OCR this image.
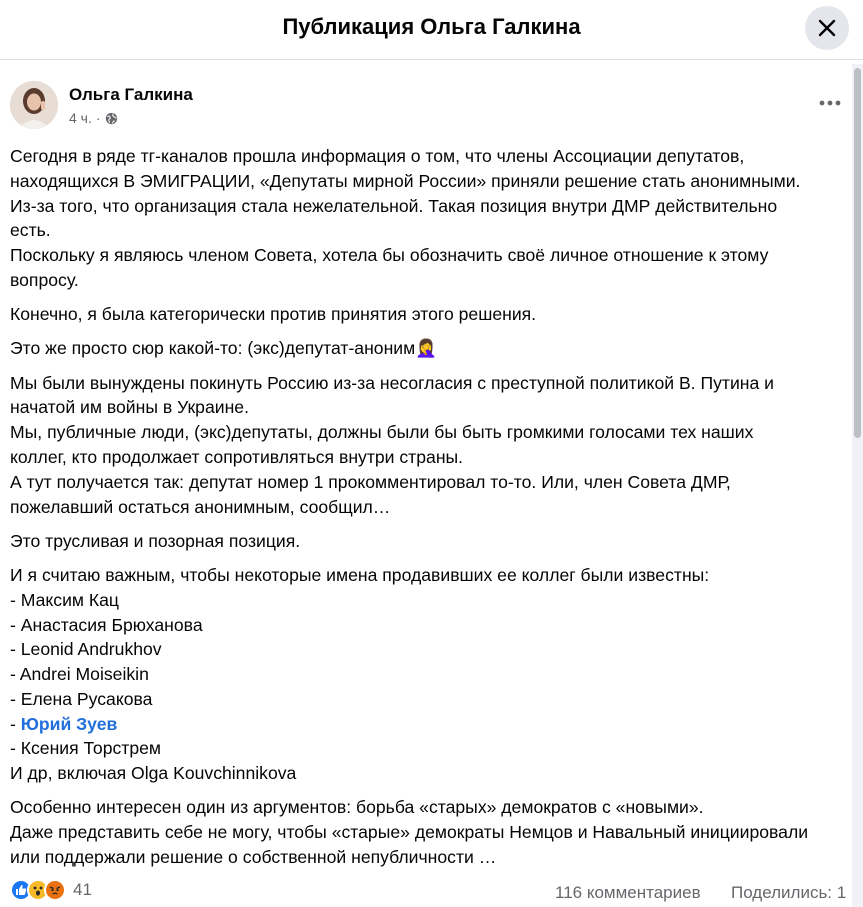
Публикация Ольга Галкина
Ольга Галкина
4 ч. ·

Сегодня в ряде тг-каналов прошла информация о том, что члены Ассоциации депутатов,
находящихся В ЭМИГРАЦИИ, «Депутаты мирной России» приняли решение стать анонимными.
Из-за того, что организация стала нежелательной. Такая позиция внутри ДМР действительно
есть.
Поскольку я являюсь членом Совета, хотела бы обозначить своё личное отношение к этому
вопросу.

Конечно, я была категорически против принятия этого решения.

Это же просто сюр какой-то: (экс)депутат-аноним🤦‍♀️

Мы были вынуждены покинуть Россию из-за несогласия с преступной политикой В. Путина и
начатой им войны в Украине.
Мы, публичные люди, (экс)депутаты, должны были бы быть громкими голосами тех наших
коллег, кто продолжает сопротивляться внутри страны.
А тут получается так: депутат номер 1 прокомментировал то-то. Или, член Совета ДМР,
пожелавший остаться анонимным, сообщил…

Это трусливая и позорная позиция.

И я считаю важным, чтобы некоторые имена продавивших ее коллег были известны:
- Максим Кац
- Анастасия Брюханова
- Leonid Andrukhov
- Andrei Moiseikin
- Елена Русакова
- Юрий Зуев
- Ксения Торстрем
И др, включая Olga Kouvchinnikova

Особенно интересен один из аргументов: борьба «старых» демократов с «новыми».
Даже представить себе не могу, чтобы «старые» демократы Немцов и Навальный инициировали
или поддержали решение о собственной непубличности …

41	116 комментариев Поделились: 1
